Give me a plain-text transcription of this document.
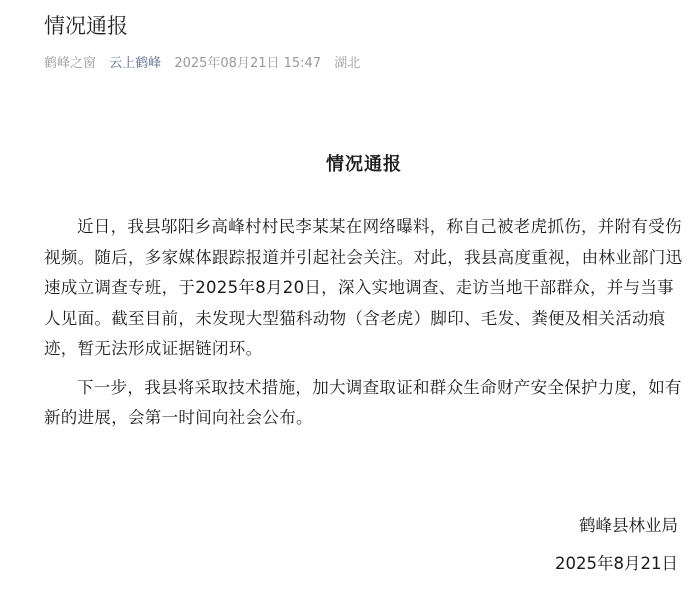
情况通报
鹤峰之窗 云上鹤峰 2025年08月21日 15:47 湖北
情况通报

近日，我县邬阳乡高峰村村民李某某在网络曝料，称自己被老虎抓伤，并附有受伤视频。随后，多家媒体跟踪报道并引起社会关注。对此，我县高度重视，由林业部门迅速成立调查专班，于2025年8月20日，深入实地调查、走访当地干部群众，并与当事人见面。截至目前，未发现大型猫科动物（含老虎）脚印、毛发、粪便及相关活动痕迹，暂无法形成证据链闭环。

下一步，我县将采取技术措施，加大调查取证和群众生命财产安全保护力度，如有新的进展，会第一时间向社会公布。

鹤峰县林业局
2025年8月21日
